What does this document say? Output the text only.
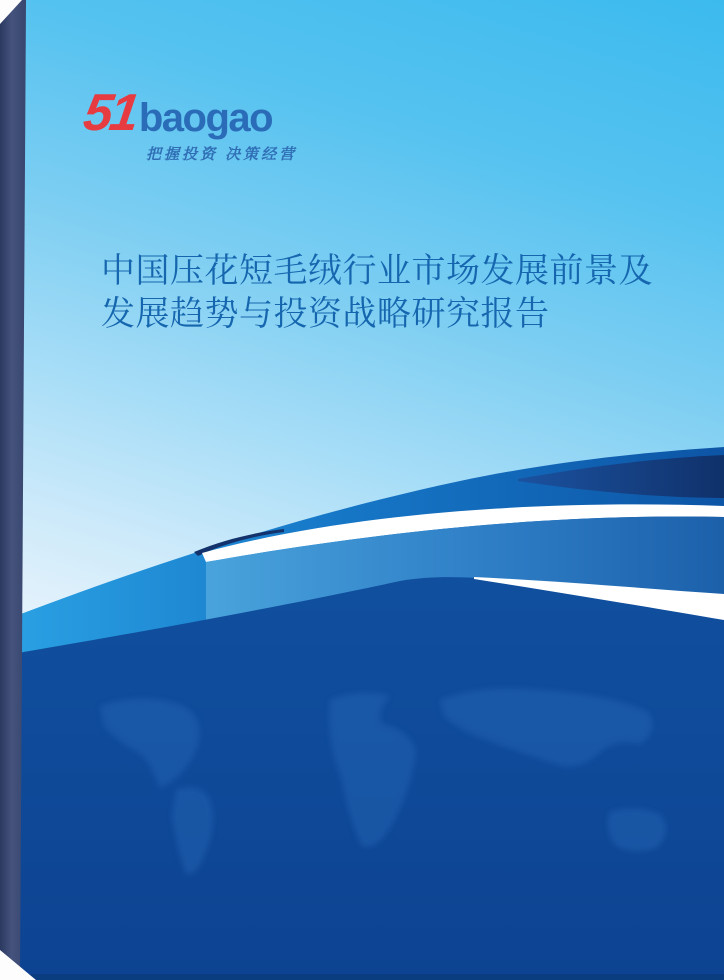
51
baogao
把握投资 决策经营
中国压花短毛绒行业市场发展前景及
发展趋势与投资战略研究报告
